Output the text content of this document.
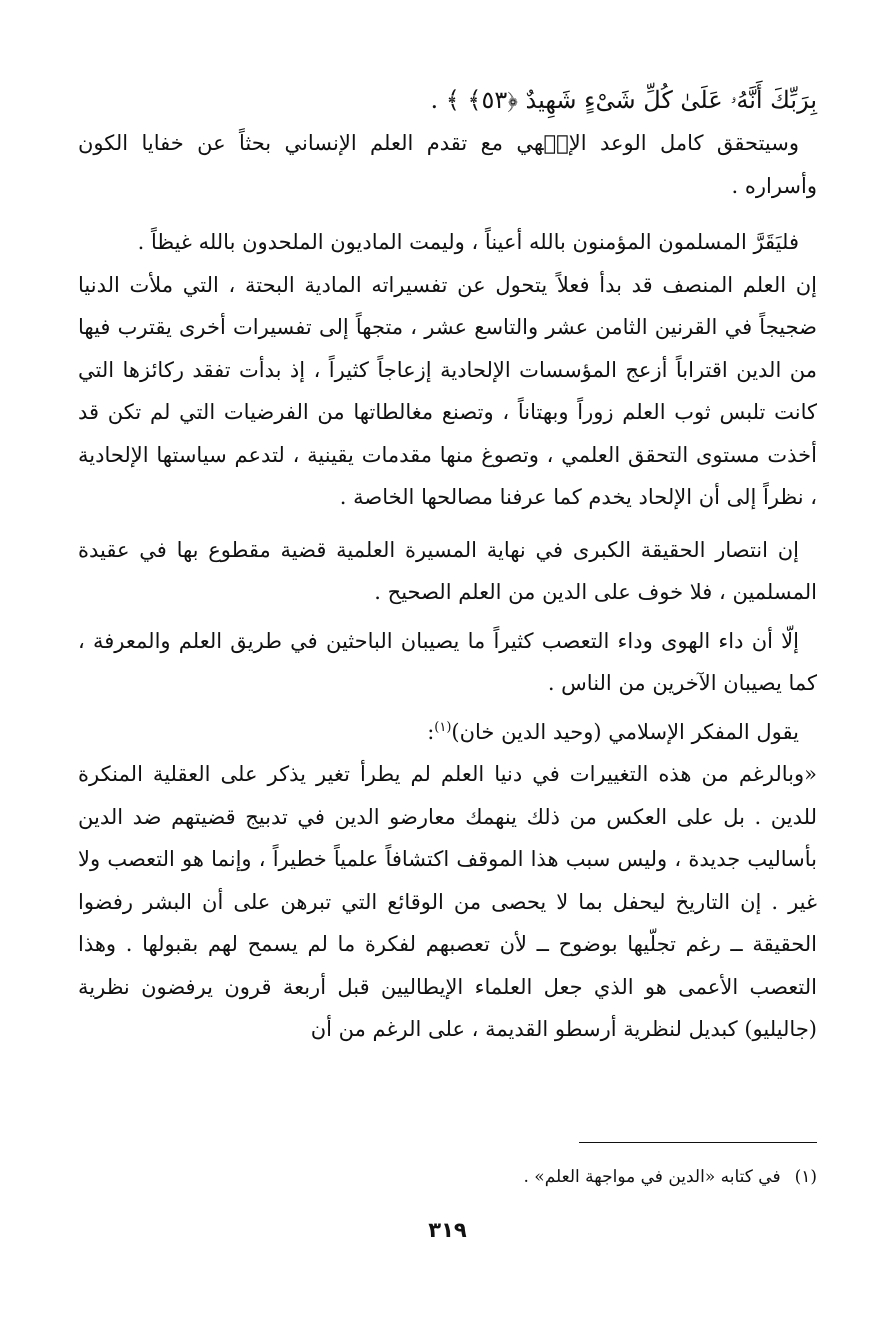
بِرَبِّكَ أَنَّهُۥ عَلَىٰ كُلِّ شَىْءٍ شَهِيدٌ ﴿٥٣﴾ ﴾ .

وسيتحقق كامل الوعد الإلۤهي مع تقدم العلم الإنساني بحثاً عن خفايا الكون وأسراره .

فليَقَرَّ المسلمون المؤمنون بالله أعيناً ، وليمت الماديون الملحدون بالله غيظاً .

إن العلم المنصف قد بدأ فعلاً يتحول عن تفسيراته المادية البحتة ، التي ملأت الدنيا ضجيجاً في القرنين الثامن عشر والتاسع عشر ، متجهاً إلى تفسيرات أخرى يقترب فيها من الدين اقتراباً أزعج المؤسسات الإلحادية إزعاجاً كثيراً ، إذ بدأت تفقد ركائزها التي كانت تلبس ثوب العلم زوراً وبهتاناً ، وتصنع مغالطاتها من الفرضيات التي لم تكن قد أخذت مستوى التحقق العلمي ، وتصوغ منها مقدمات يقينية ، لتدعم سياستها الإلحادية ، نظراً إلى أن الإلحاد يخدم كما عرفنا مصالحها الخاصة .

إن انتصار الحقيقة الكبرى في نهاية المسيرة العلمية قضية مقطوع بها في عقيدة المسلمين ، فلا خوف على الدين من العلم الصحيح .

إلّا أن داء الهوى وداء التعصب كثيراً ما يصيبان الباحثين في طريق العلم والمعرفة ، كما يصيبان الآخرين من الناس .

يقول المفكر الإسلامي (وحيد الدين خان)$^{(١)}$:

«وبالرغم من هذه التغييرات في دنيا العلم لم يطرأ تغير يذكر على العقلية المنكرة للدين . بل على العكس من ذلك ينهمك معارضو الدين في تدبيج قضيتهم ضد الدين بأساليب جديدة ، وليس سبب هذا الموقف اكتشافاً علمياً خطيراً ، وإنما هو التعصب ولا غير . إن التاريخ ليحفل بما لا يحصى من الوقائع التي تبرهن على أن البشر رفضوا الحقيقة ــ رغم تجلّيها بوضوح ــ لأن تعصبهم لفكرة ما لم يسمح لهم بقبولها . وهذا التعصب الأعمى هو الذي جعل العلماء الإيطاليين قبل أربعة قرون يرفضون نظرية (جاليليو) كبديل لنظرية أرسطو القديمة ، على الرغم من أن

(١)في كتابه «الدين في مواجهة العلم» .
٣١٩
